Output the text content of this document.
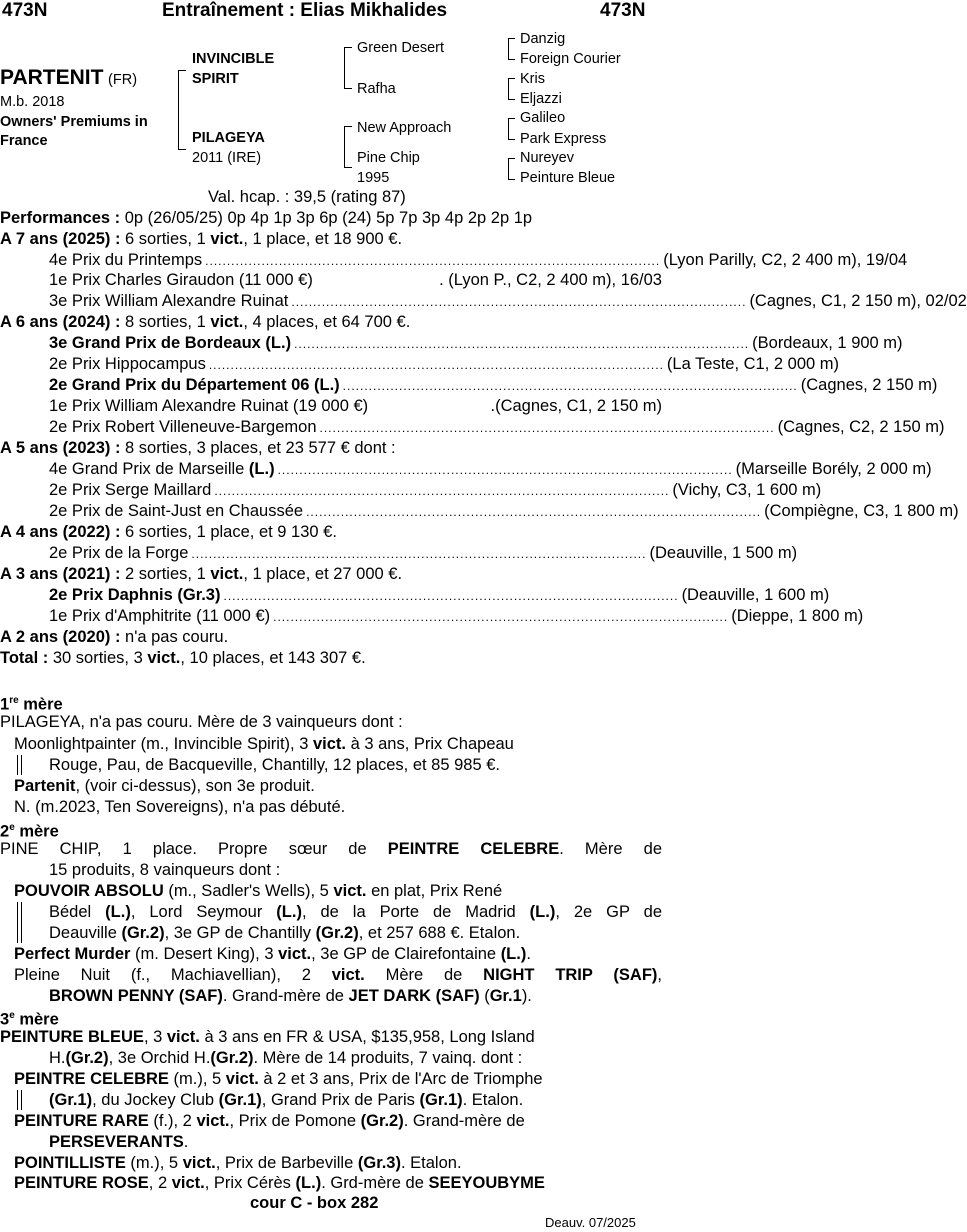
473N	Entraînement : Elias Mikhalides	473N
PARTENIT (FR)
M.b. 2018
Owners' Premiums in
France
INVINCIBLE
SPIRIT
PILAGEYA
2011 (IRE)
Green Desert
Rafha
New Approach
Pine Chip
1995
Danzig
Foreign Courier
Kris
Eljazzi
Galileo
Park Express
Nureyev
Peinture Bleue
Val. hcap. : 39,5 (rating 87)
Performances : 0p (26/05/25) 0p 4p 1p 3p 6p (24) 5p 7p 3p 4p 2p 2p 1p
A 7 ans (2025) : 6 sorties, 1 vict., 1 place, et 18 900 €.
4e Prix du Printemps ......................................................................................................... (Lyon Parilly, C2, 2 400 m), 19/04
1e Prix Charles Giraudon (11 000 €)	. (Lyon P., C2, 2 400 m), 16/03
3e Prix William Alexandre Ruinat ......................................................................................................... (Cagnes, C1, 2 150 m), 02/02
A 6 ans (2024) : 8 sorties, 1 vict., 4 places, et 64 700 €.
3e Grand Prix de Bordeaux (L.) ......................................................................................................... (Bordeaux, 1 900 m)
2e Prix Hippocampus ......................................................................................................... (La Teste, C1, 2 000 m)
2e Grand Prix du Département 06 (L.) ......................................................................................................... (Cagnes, 2 150 m)
1e Prix William Alexandre Ruinat (19 000 €)	.(Cagnes, C1, 2 150 m)
2e Prix Robert Villeneuve-Bargemon ......................................................................................................... (Cagnes, C2, 2 150 m)
A 5 ans (2023) : 8 sorties, 3 places, et 23 577 € dont :
4e Grand Prix de Marseille (L.) ......................................................................................................... (Marseille Borély, 2 000 m)
2e Prix Serge Maillard ......................................................................................................... (Vichy, C3, 1 600 m)
2e Prix de Saint-Just en Chaussée ......................................................................................................... (Compiègne, C3, 1 800 m)
A 4 ans (2022) : 6 sorties, 1 place, et 9 130 €.
2e Prix de la Forge ......................................................................................................... (Deauville, 1 500 m)
A 3 ans (2021) : 2 sorties, 1 vict., 1 place, et 27 000 €.
2e Prix Daphnis (Gr.3) ......................................................................................................... (Deauville, 1 600 m)
1e Prix d'Amphitrite (11 000 €) ......................................................................................................... (Dieppe, 1 800 m)
A 2 ans (2020) : n'a pas couru.
Total : 30 sorties, 3 vict., 10 places, et 143 307 €.
1re mère
PILAGEYA, n'a pas couru. Mère de 3 vainqueurs dont :
Moonlightpainter (m., Invincible Spirit), 3 vict. à 3 ans, Prix Chapeau
Rouge, Pau, de Bacqueville, Chantilly, 12 places, et 85 985 €.
Partenit, (voir ci-dessus), son 3e produit.
N. (m.2023, Ten Sovereigns), n'a pas débuté.
2e mère
PINE CHIP, 1 place. Propre sœur de PEINTRE CELEBRE. Mère de
15 produits, 8 vainqueurs dont :
POUVOIR ABSOLU (m., Sadler's Wells), 5 vict. en plat, Prix René
Bédel (L.), Lord Seymour (L.), de la Porte de Madrid (L.), 2e GP de
Deauville (Gr.2), 3e GP de Chantilly (Gr.2), et 257 688 €. Etalon.
Perfect Murder (m. Desert King), 3 vict., 3e GP de Clairefontaine (L.).
Pleine Nuit (f., Machiavellian), 2 vict. Mère de NIGHT TRIP (SAF),
BROWN PENNY (SAF). Grand-mère de JET DARK (SAF) (Gr.1).
3e mère
PEINTURE BLEUE, 3 vict. à 3 ans en FR & USA, $135,958, Long Island
H.(Gr.2), 3e Orchid H.(Gr.2). Mère de 14 produits, 7 vainq. dont :
PEINTRE CELEBRE (m.), 5 vict. à 2 et 3 ans, Prix de l'Arc de Triomphe
(Gr.1), du Jockey Club (Gr.1), Grand Prix de Paris (Gr.1). Etalon.
PEINTURE RARE (f.), 2 vict., Prix de Pomone (Gr.2). Grand-mère de
PERSEVERANTS.
POINTILLISTE (m.), 5 vict., Prix de Barbeville (Gr.3). Etalon.
PEINTURE ROSE, 2 vict., Prix Cérès (L.). Grd-mère de SEEYOUBYME
cour C - box 282
Deauv. 07/2025
